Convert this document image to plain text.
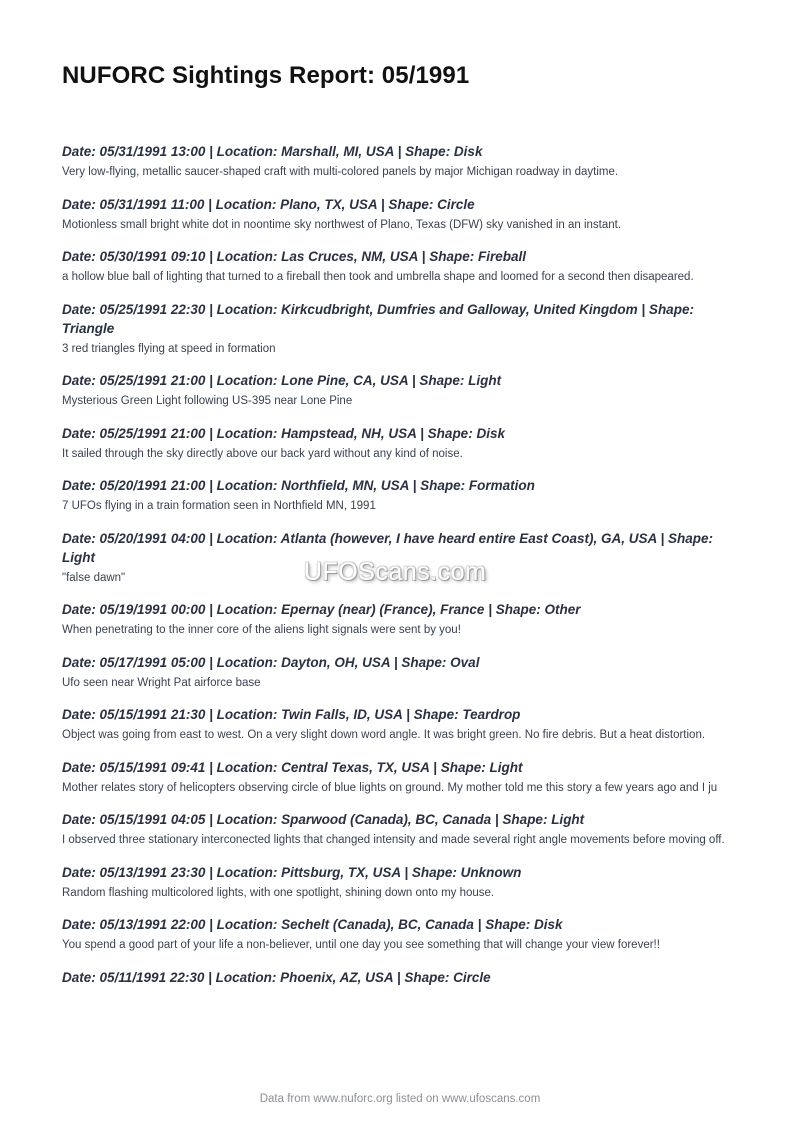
NUFORC Sightings Report: 05/1991
Date: 05/31/1991 13:00 | Location: Marshall, MI, USA | Shape: Disk
Very low-flying, metallic saucer-shaped craft with multi-colored panels by major Michigan roadway in daytime.
Date: 05/31/1991 11:00 | Location: Plano, TX, USA | Shape: Circle
Motionless small bright white dot in noontime sky northwest of Plano, Texas (DFW) sky vanished in an instant.
Date: 05/30/1991 09:10 | Location: Las Cruces, NM, USA | Shape: Fireball
a hollow blue ball of lighting that turned to a fireball then took and umbrella shape and loomed for a second then disapeared.
Date: 05/25/1991 22:30 | Location: Kirkcudbright, Dumfries and Galloway, United Kingdom | Shape: Triangle
3 red triangles flying at speed in formation
Date: 05/25/1991 21:00 | Location: Lone Pine, CA, USA | Shape: Light
Mysterious Green Light following US-395 near Lone Pine
Date: 05/25/1991 21:00 | Location: Hampstead, NH, USA | Shape: Disk
It sailed through the sky directly above our back yard without any kind of noise.
Date: 05/20/1991 21:00 | Location: Northfield, MN, USA | Shape: Formation
7 UFOs flying in a train formation seen in Northfield MN, 1991
Date: 05/20/1991 04:00 | Location: Atlanta (however, I have heard entire East Coast), GA, USA | Shape: Light
"false dawn"
Date: 05/19/1991 00:00 | Location: Epernay (near) (France), France | Shape: Other
When penetrating to the inner core of the aliens light signals were sent by you!
Date: 05/17/1991 05:00 | Location: Dayton, OH, USA | Shape: Oval
Ufo seen near Wright Pat airforce base
Date: 05/15/1991 21:30 | Location: Twin Falls, ID, USA | Shape: Teardrop
Object was going from east to west. On a very slight down word angle. It was bright green. No fire debris. But a heat distortion.
Date: 05/15/1991 09:41 | Location: Central Texas, TX, USA | Shape: Light
Mother relates story of helicopters observing circle of blue lights on ground. My mother told me this story a few years ago and I ju
Date: 05/15/1991 04:05 | Location: Sparwood (Canada), BC, Canada | Shape: Light
I observed three stationary interconected lights that changed intensity and made several right angle movements before moving off.
Date: 05/13/1991 23:30 | Location: Pittsburg, TX, USA | Shape: Unknown
Random flashing multicolored lights, with one spotlight, shining down onto my house.
Date: 05/13/1991 22:00 | Location: Sechelt (Canada), BC, Canada | Shape: Disk
You spend a good part of your life a non-believer, until one day you see something that will change your view forever!!
Date: 05/11/1991 22:30 | Location: Phoenix, AZ, USA | Shape: Circle
UFOScans.com
Data from www.nuforc.org listed on www.ufoscans.com
